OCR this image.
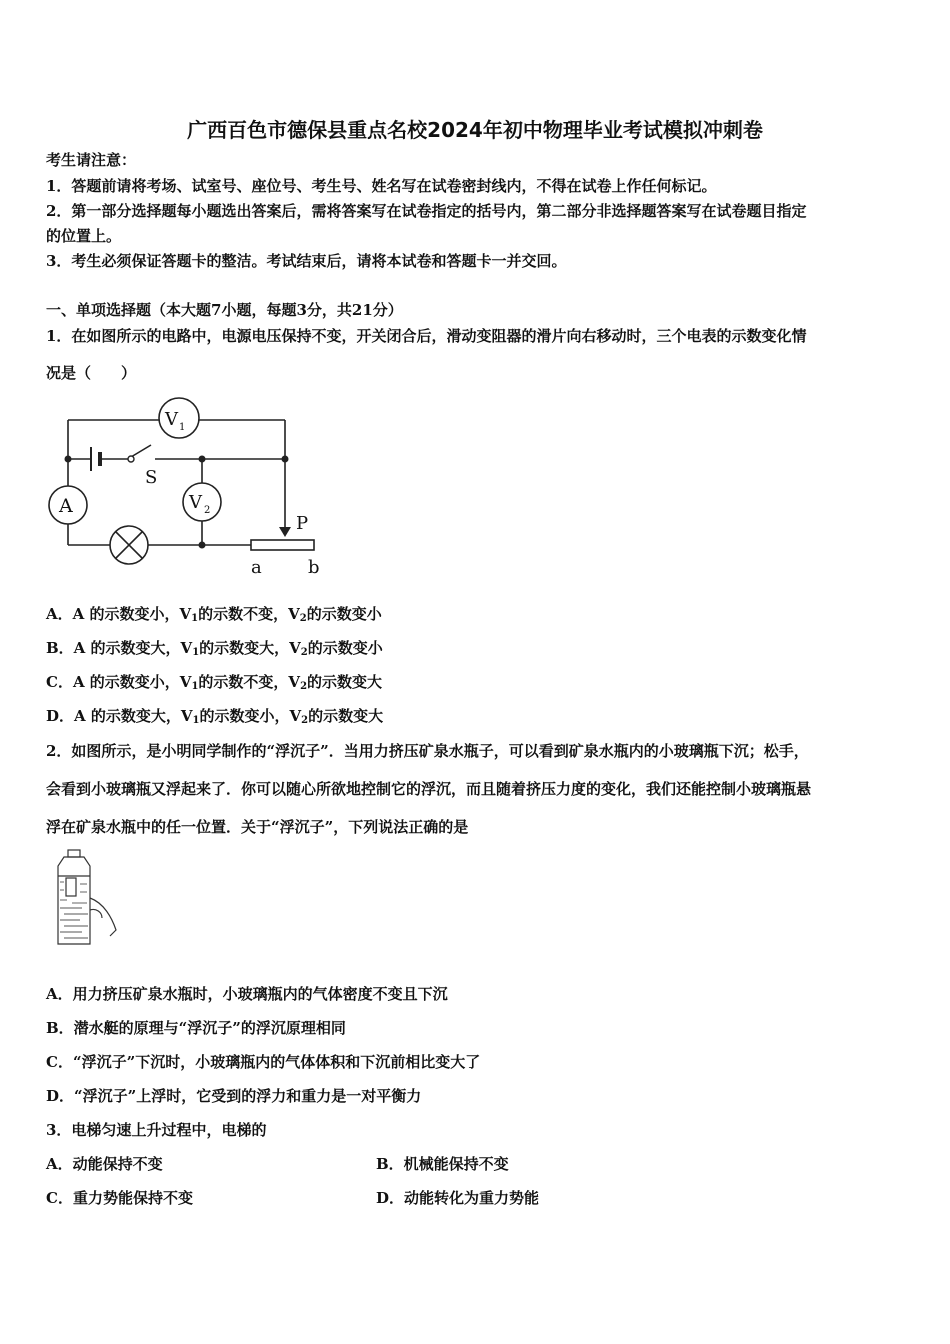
广西百色市德保县重点名校2024年初中物理毕业考试模拟冲刺卷
考生请注意：
1．答题前请将考场、试室号、座位号、考生号、姓名写在试卷密封线内，不得在试卷上作任何标记。
2．第一部分选择题每小题选出答案后，需将答案写在试卷指定的括号内，第二部分非选择题答案写在试卷题目指定
的位置上。
3．考生必须保证答题卡的整洁。考试结束后，请将本试卷和答题卡一并交回。
一、单项选择题（本大题7小题，每题3分，共21分）
1．在如图所示的电路中，电源电压保持不变，开关闭合后，滑动变阻器的滑片向右移动时，三个电表的示数变化情
况是（　　）
V 1
V 2
A
S
P
a	b
A．A 的示数变小，$V_1$的示数不变，$V_2$的示数变小
B．A 的示数变大，$V_1$的示数变大，$V_2$的示数变小
C．A 的示数变小，$V_1$的示数不变，$V_2$的示数变大
D．A 的示数变大，$V_1$的示数变小，$V_2$的示数变大
2．如图所示，是小明同学制作的“浮沉子”．当用力挤压矿泉水瓶子，可以看到矿泉水瓶内的小玻璃瓶下沉；松手，
会看到小玻璃瓶又浮起来了．你可以随心所欲地控制它的浮沉，而且随着挤压力度的变化，我们还能控制小玻璃瓶悬
浮在矿泉水瓶中的任一位置．关于“浮沉子”，下列说法正确的是
A．用力挤压矿泉水瓶时，小玻璃瓶内的气体密度不变且下沉
B．潜水艇的原理与“浮沉子”的浮沉原理相同
C．“浮沉子”下沉时，小玻璃瓶内的气体体积和下沉前相比变大了
D．“浮沉子”上浮时，它受到的浮力和重力是一对平衡力
3．电梯匀速上升过程中，电梯的
A．动能保持不变	B．机械能保持不变
C．重力势能保持不变	D．动能转化为重力势能
